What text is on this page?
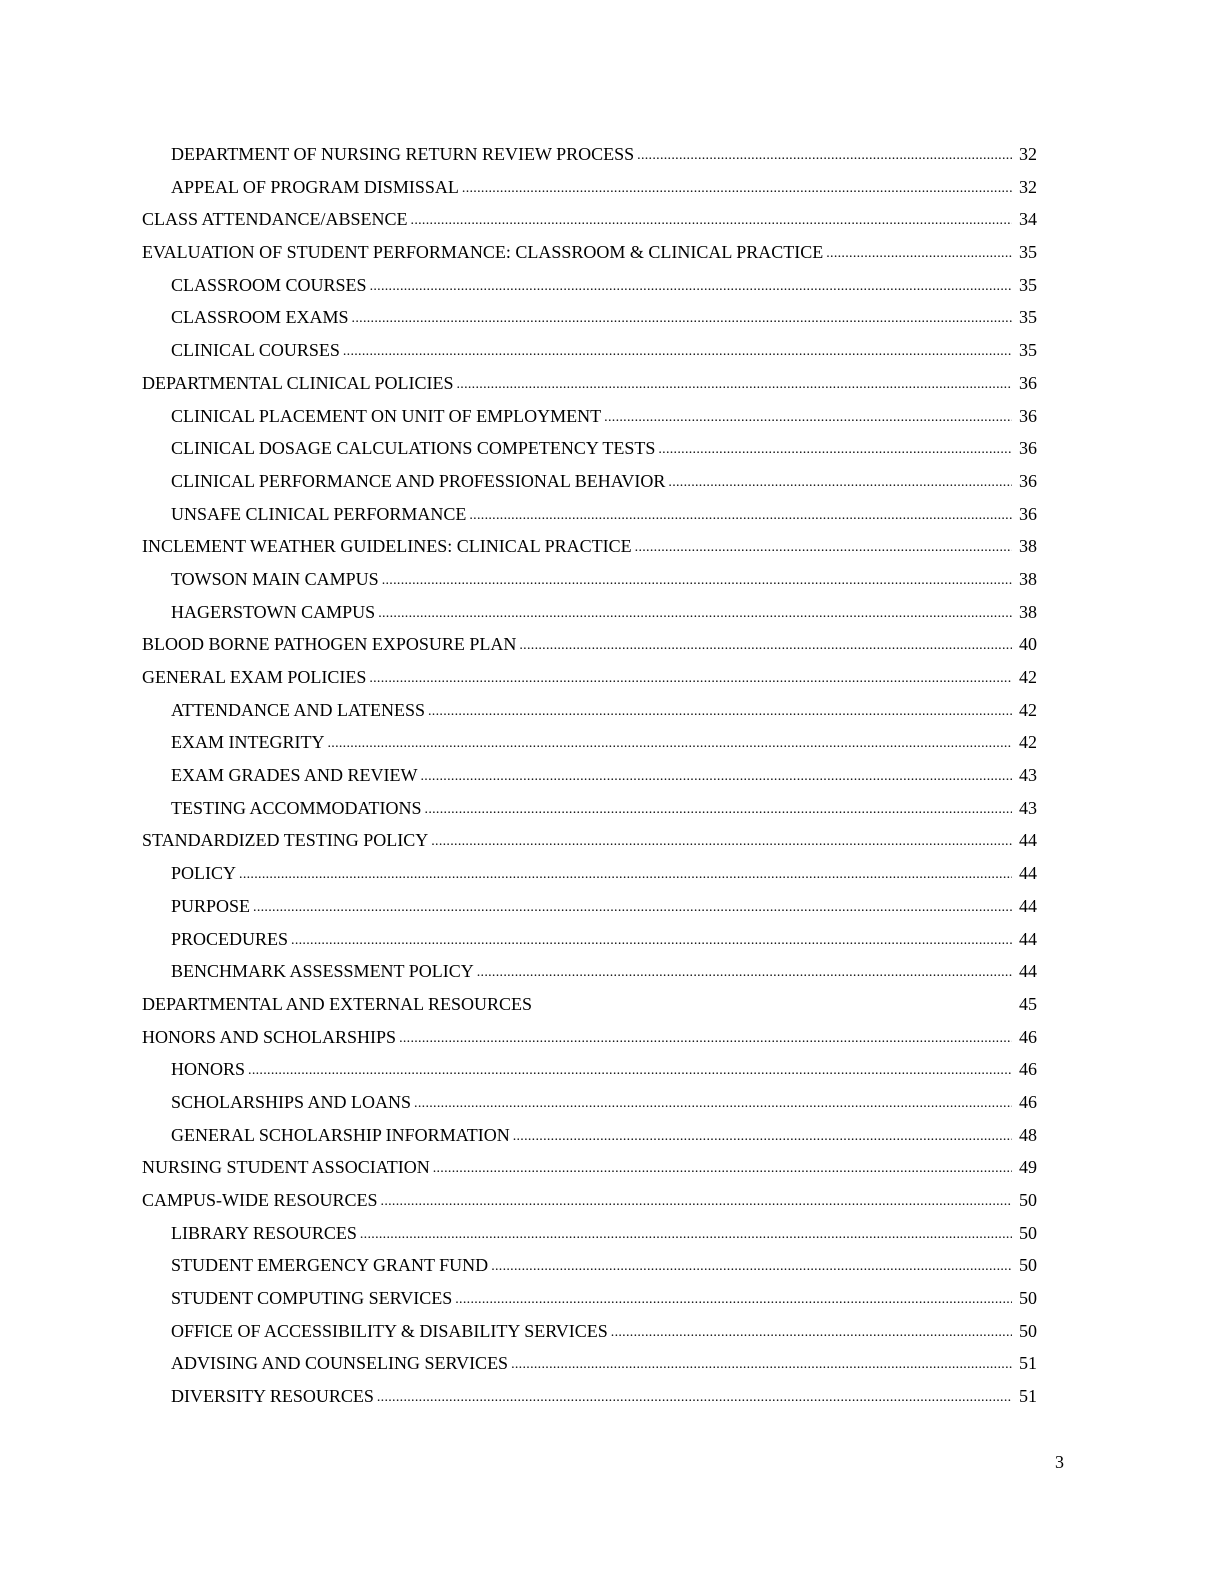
DEPARTMENT OF NURSING RETURN REVIEW PROCESS .....	32
APPEAL OF PROGRAM DISMISSAL .....	32
CLASS ATTENDANCE/ABSENCE .....	34
EVALUATION OF STUDENT PERFORMANCE: CLASSROOM & CLINICAL PRACTICE .....	35
CLASSROOM COURSES .....	35
CLASSROOM EXAMS .....	35
CLINICAL COURSES .....	35
DEPARTMENTAL CLINICAL POLICIES .....	36
CLINICAL PLACEMENT ON UNIT OF EMPLOYMENT .....	36
CLINICAL DOSAGE CALCULATIONS COMPETENCY TESTS .....	36
CLINICAL PERFORMANCE AND PROFESSIONAL BEHAVIOR .....	36
UNSAFE CLINICAL PERFORMANCE .....	36
INCLEMENT WEATHER GUIDELINES: CLINICAL PRACTICE .....	38
TOWSON MAIN CAMPUS .....	38
HAGERSTOWN CAMPUS .....	38
BLOOD BORNE PATHOGEN EXPOSURE PLAN .....	40
GENERAL EXAM POLICIES .....	42
ATTENDANCE AND LATENESS .....	42
EXAM INTEGRITY .....	42
EXAM GRADES AND REVIEW .....	43
TESTING ACCOMMODATIONS .....	43
STANDARDIZED TESTING POLICY .....	44
POLICY .....	44
PURPOSE .....	44
PROCEDURES .....	44
BENCHMARK ASSESSMENT POLICY .....	44
DEPARTMENTAL AND EXTERNAL RESOURCES	45
HONORS AND SCHOLARSHIPS .....	46
HONORS .....	46
SCHOLARSHIPS AND LOANS .....	46
GENERAL SCHOLARSHIP INFORMATION .....	48
NURSING STUDENT ASSOCIATION .....	49
CAMPUS-WIDE RESOURCES .....	50
LIBRARY RESOURCES .....	50
STUDENT EMERGENCY GRANT FUND .....	50
STUDENT COMPUTING SERVICES .....	50
OFFICE OF ACCESSIBILITY & DISABILITY SERVICES .....	50
ADVISING AND COUNSELING SERVICES .....	51
DIVERSITY RESOURCES .....	51
3
